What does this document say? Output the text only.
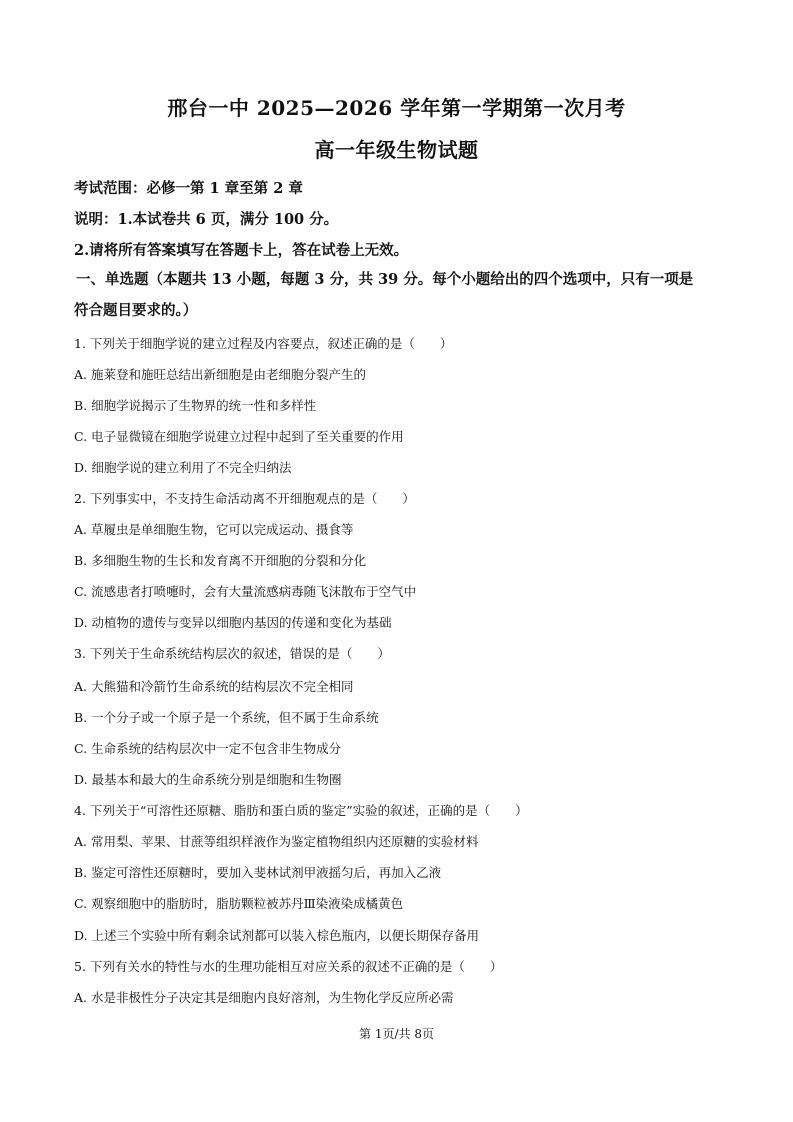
邢台一中 2025—2026 学年第一学期第一次月考
高一年级生物试题
考试范围：必修一第 1 章至第 2 章
说明：1.本试卷共 6 页，满分 100 分。
2.请将所有答案填写在答题卡上，答在试卷上无效。
一、单选题（本题共 13 小题，每题 3 分，共 39 分。每个小题给出的四个选项中，只有一项是
符合题目要求的。）
1. 下列关于细胞学说的建立过程及内容要点，叙述正确的是（　　）
A. 施莱登和施旺总结出新细胞是由老细胞分裂产生的
B. 细胞学说揭示了生物界的统一性和多样性
C. 电子显微镜在细胞学说建立过程中起到了至关重要的作用
D. 细胞学说的建立利用了不完全归纳法
2. 下列事实中，不支持生命活动离不开细胞观点的是（　　）
A. 草履虫是单细胞生物，它可以完成运动、摄食等
B. 多细胞生物的生长和发育离不开细胞的分裂和分化
C. 流感患者打喷嚏时，会有大量流感病毒随飞沫散布于空气中
D. 动植物的遗传与变异以细胞内基因的传递和变化为基础
3. 下列关于生命系统结构层次的叙述，错误的是（　　）
A. 大熊猫和冷箭竹生命系统的结构层次不完全相同
B. 一个分子或一个原子是一个系统，但不属于生命系统
C. 生命系统的结构层次中一定不包含非生物成分
D. 最基本和最大的生命系统分别是细胞和生物圈
4. 下列关于“可溶性还原糖、脂肪和蛋白质的鉴定”实验的叙述，正确的是（　　）
A. 常用梨、苹果、甘蔗等组织样液作为鉴定植物组织内还原糖的实验材料
B. 鉴定可溶性还原糖时，要加入斐林试剂甲液摇匀后，再加入乙液
C. 观察细胞中的脂肪时，脂肪颗粒被苏丹Ⅲ染液染成橘黄色
D. 上述三个实验中所有剩余试剂都可以装入棕色瓶内，以便长期保存备用
5. 下列有关水的特性与水的生理功能相互对应关系的叙述不正确的是（　　）
A. 水是非极性分子决定其是细胞内良好溶剂，为生物化学反应所必需
第 1页/共 8页
